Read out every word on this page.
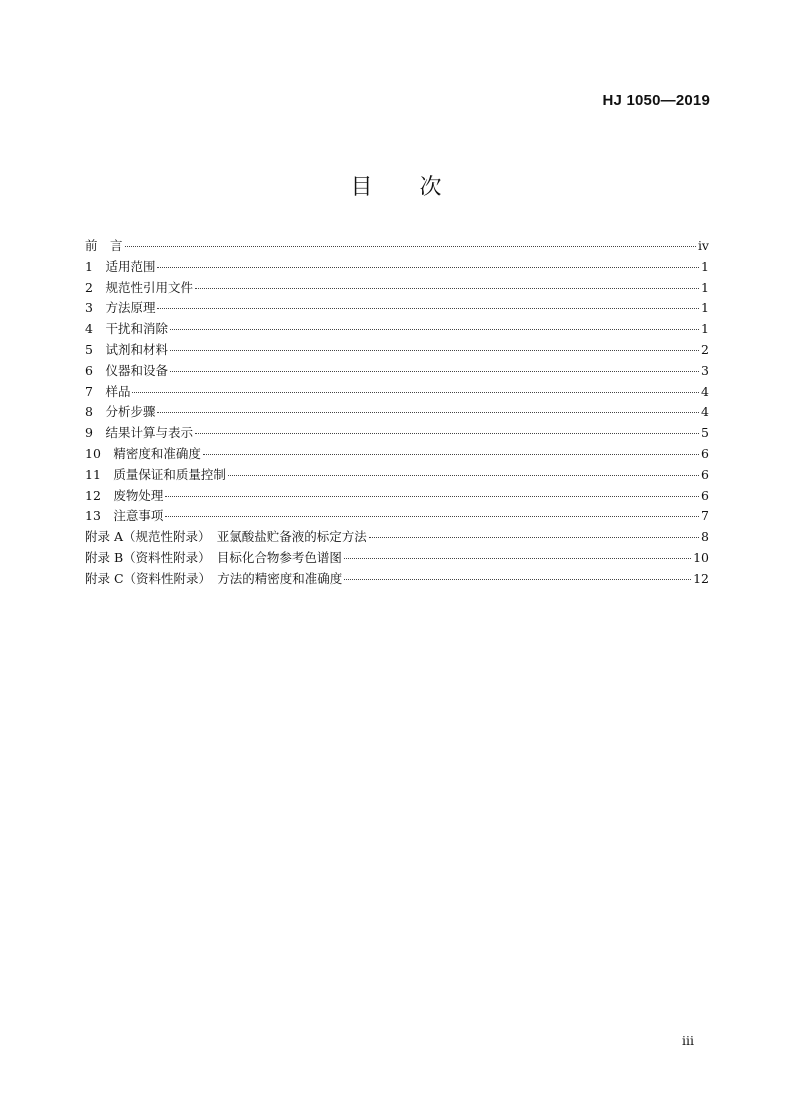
HJ 1050—2019
目 次
前　言	iv
1　适用范围	1
2　规范性引用文件	1
3　方法原理	1
4　干扰和消除	1
5　试剂和材料	2
6　仪器和设备	3
7　样品	4
8　分析步骤	4
9　结果计算与表示	5
10　精密度和准确度	6
11　质量保证和质量控制	6
12　废物处理	6
13　注意事项	7
附录 A（规范性附录）　亚氯酸盐贮备液的标定方法	8
附录 B（资料性附录）　目标化合物参考色谱图	10
附录 C（资料性附录）　方法的精密度和准确度	12
iii
